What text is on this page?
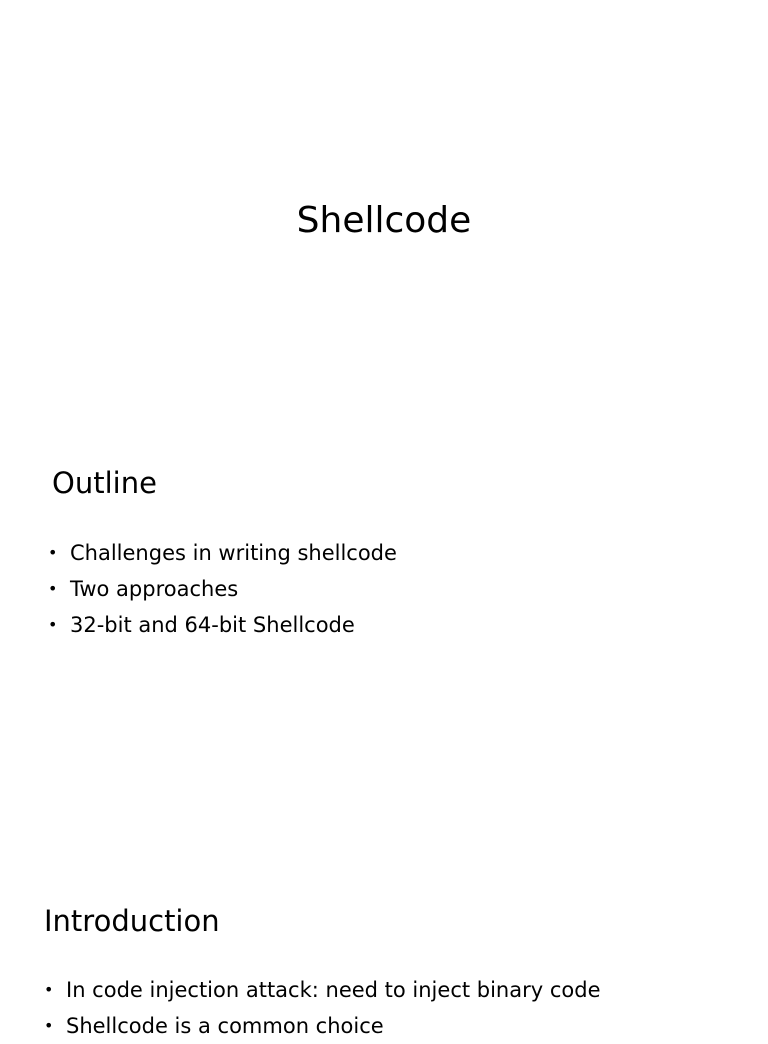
Shellcode
Outline
• Challenges in writing shellcode
• Two approaches
• 32-bit and 64-bit Shellcode
Introduction
• In code injection attack: need to inject binary code
• Shellcode is a common choice
